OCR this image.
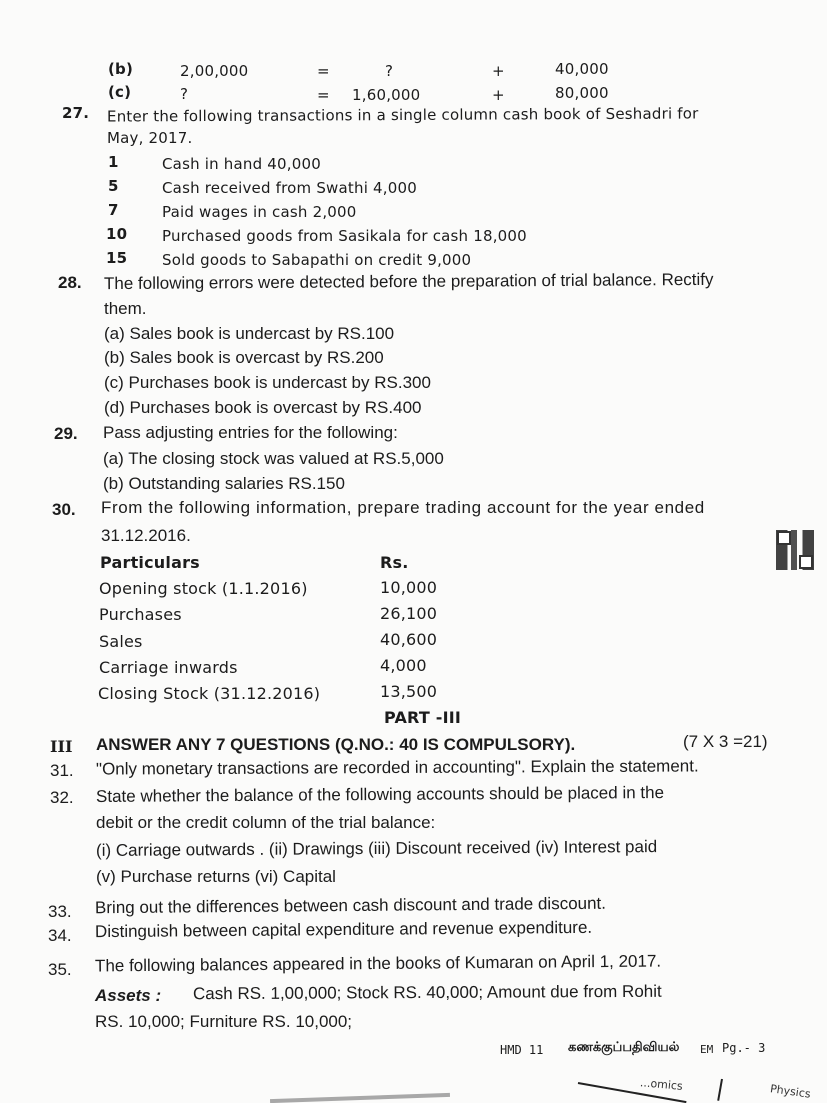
(b)	2,00,000	=	?	+	40,000
(c)	?	= 1,60,000	+	80,000
27. Enter the following transactions in a single column cash book of Seshadri for
May, 2017.
1	Cash in hand 40,000
5	Cash received from Swathi 4,000
7	Paid wages in cash 2,000
10 Purchased goods from Sasikala for cash 18,000
15 Sold goods to Sabapathi on credit 9,000
28. The following errors were detected before the preparation of trial balance. Rectify
them.
(a) Sales book is undercast by RS.100
(b) Sales book is overcast by RS.200
(c) Purchases book is undercast by RS.300
(d) Purchases book is overcast by RS.400
29. Pass adjusting entries for the following:
(a) The closing stock was valued at RS.5,000
(b) Outstanding salaries RS.150
30. From the following information, prepare trading account for the year ended
31.12.2016.
Particulars	Rs.
Opening stock (1.1.2016)	10,000
Purchases	26,100
Sales	40,600
Carriage inwards	4,000
Closing Stock (31.12.2016)	13,500
PART -III
III ANSWER ANY 7 QUESTIONS (Q.NO.: 40 IS COMPULSORY).	(7 X 3 =21)
31. "Only monetary transactions are recorded in accounting". Explain the statement.
32. State whether the balance of the following accounts should be placed in the
debit or the credit column of the trial balance:
(i) Carriage outwards . (ii) Drawings (iii) Discount received (iv) Interest paid
(v) Purchase returns (vi) Capital
33. Bring out the differences between cash discount and trade discount.
34. Distinguish between capital expenditure and revenue expenditure.
35. The following balances appeared in the books of Kumaran on April 1, 2017.
Assets : Cash RS. 1,00,000; Stock RS. 40,000; Amount due from Rohit
RS. 10,000; Furniture RS. 10,000;
HMD 11 கணக்குப்பதிவியல் EM Pg.- 3
...omics	Physics
